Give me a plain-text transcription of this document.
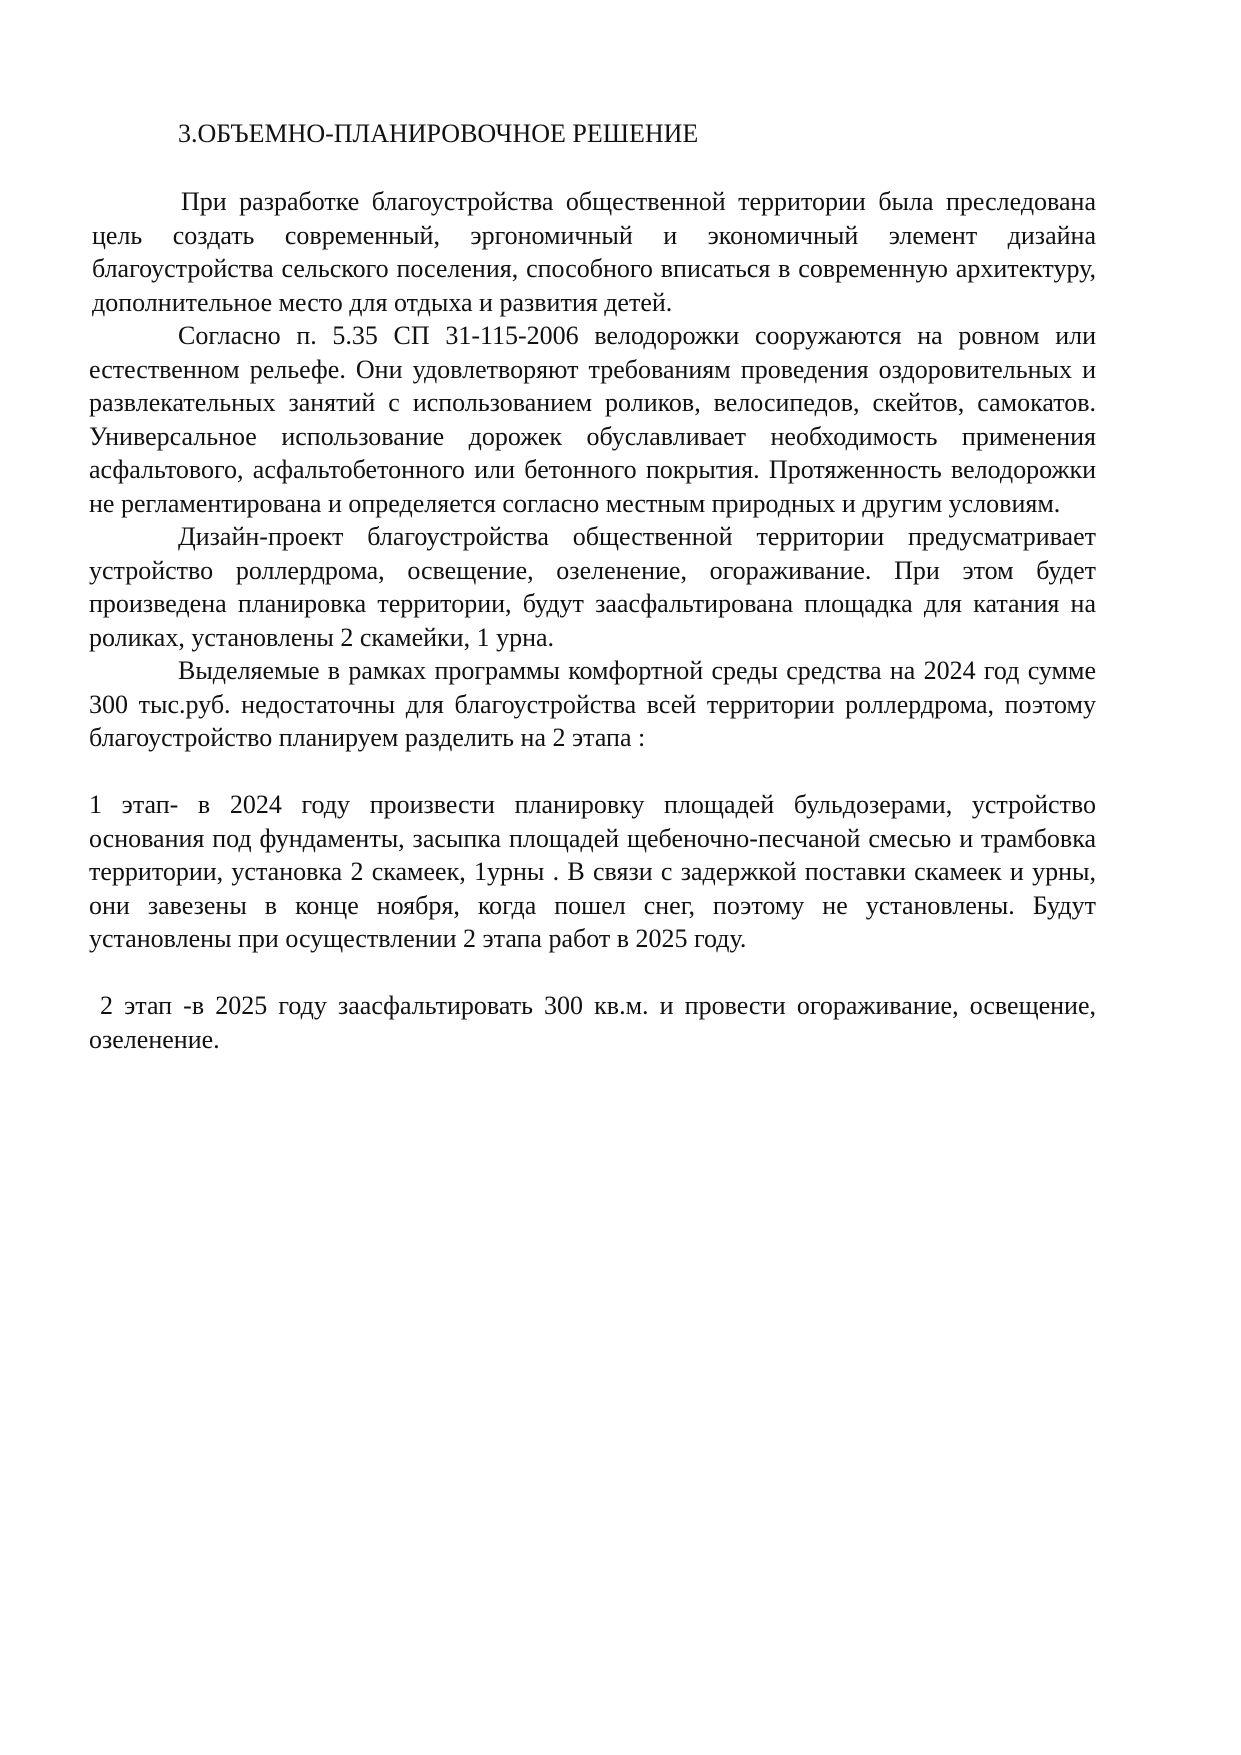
3.ОБЪЕМНО-ПЛАНИРОВОЧНОЕ РЕШЕНИЕ

При разработке благоустройства общественной территории была преследована цель создать современный, эргономичный и экономичный элемент дизайна благоустройства сельского поселения, способного вписаться в современную архитектуру, дополнительное место для отдыха и развития детей.

Согласно п. 5.35 СП 31-115-2006 велодорожки сооружаются на ровном или естественном рельефе. Они удовлетворяют требованиям проведения оздоровительных и развлекательных занятий с использованием роликов, велосипедов, скейтов, самокатов. Универсальное использование дорожек обуславливает необходимость применения асфальтового, асфальтобетонного или бетонного покрытия. Протяженность велодорожки не регламентирована и определяется согласно местным природных и другим условиям.

Дизайн-проект благоустройства общественной территории предусматривает устройство роллердрома, освещение, озеленение, огораживание. При этом будет произведена планировка территории, будут заасфальтирована площадка для катания на роликах, установлены 2 скамейки, 1 урна.

Выделяемые в рамках программы комфортной среды средства на 2024 год сумме 300 тыс.руб. недостаточны для благоустройства всей территории роллердрома, поэтому благоустройство планируем разделить на 2 этапа :

1 этап- в 2024 году произвести планировку площадей бульдозерами, устройство основания под фундаменты, засыпка площадей щебеночно-песчаной смесью и трамбовка территории, установка 2 скамеек, 1урны . В связи с задержкой поставки скамеек и урны, они завезены в конце ноября, когда пошел снег, поэтому не установлены. Будут установлены при осуществлении 2 этапа работ в 2025 году.

2 этап -в 2025 году заасфальтировать 300 кв.м. и провести огораживание, освещение, озеленение.
